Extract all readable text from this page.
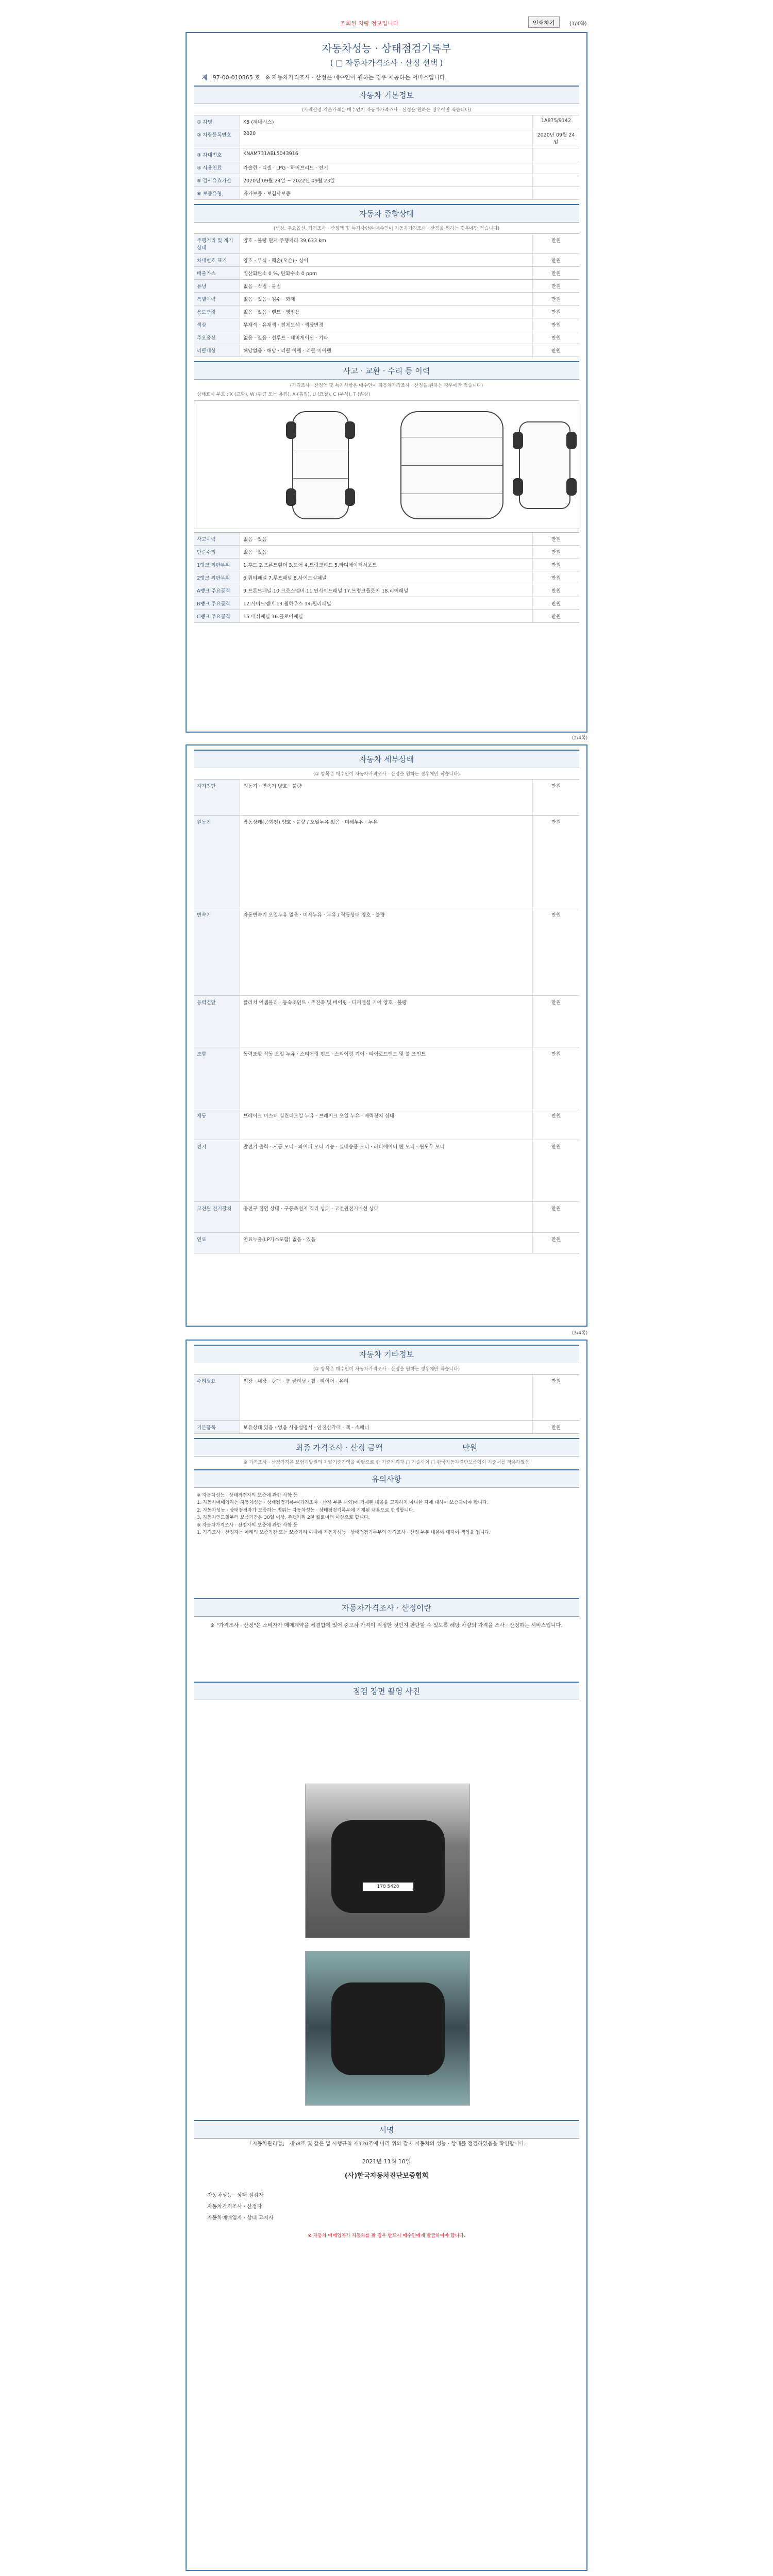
조회된 차량 정보입니다	인쇄하기	(1/4쪽)
자동차성능 · 상태점검기록부
( □ 자동차가격조사 · 산정 선택 )
제 97-00-010865 호 ※ 자동차가격조사 · 산정은 매수인이 원하는 경우 제공하는 서비스입니다.
자동차 기본정보
(가격산정 기준가격은 매수인이 자동차가격조사 · 산정을 원하는 경우에만 적습니다)
① 차명	K5 (제네시스)	1A875/9142
② 차량등록번호	2020	2020년 09월 24일
③ 차대번호	KNAM731ABL5043916
④ 사용연료	가솔린 · 디젤 · LPG · 하이브리드 · 전기
⑤ 검사유효기간	2020년 09월 24일 ~ 2022년 09월 23일
⑥ 보증유형	자가보증 · 보험사보증
자동차 종합상태
(색상, 주요옵션, 가격조사 · 산정액 및 특기사항은 매수인이 자동차가격조사 · 산정을 원하는 경우에만 적습니다)
주행거리 및 계기상태
양호 · 불량 현재 주행거리 39,633 km	만원
차대번호 표기	양호 · 부식 · 훼손(오손) · 상이	만원
배출가스	일산화탄소 0 %, 탄화수소 0 ppm	만원
튜닝	없음 · 적법 · 불법	만원
특별이력	없음 · 있음 · 침수 · 화재	만원
용도변경	없음 · 있음 · 렌트 · 영업용	만원
색상	무채색 · 유채색 · 전체도색 · 색상변경	만원
주요옵션	없음 · 있음 · 선루프 · 네비게이션 · 기타	만원
리콜대상	해당없음 · 해당 · 리콜 이행 · 리콜 미이행	만원
사고 · 교환 · 수리 등 이력
(가격조사 · 산정액 및 특기사항은 매수인이 자동차가격조사 · 산정을 원하는 경우에만 적습니다)
상태표시 부호 : X (교환), W (판금 또는 용접), A (흠집), U (요철), C (부식), T (손상)
사고이력	없음 · 있음	만원
단순수리	없음 · 있음	만원
1랭크 외판부위	1.후드 2.프론트휀더 3.도어 4.트렁크리드 5.라디에이터서포트	만원
2랭크 외판부위	6.쿼터패널 7.루프패널 8.사이드실패널	만원
A랭크 주요골격	9.프론트패널 10.크로스멤버 11.인사이드패널 17.트렁크플로어 18.리어패널	만원
B랭크 주요골격	12.사이드멤버 13.휠하우스 14.필러패널	만원
C랭크 주요골격	15.대쉬패널 16.플로어패널	만원
(2/4쪽)
자동차 세부상태
(① 항목은 매수인이 자동차가격조사 · 산정을 원하는 경우에만 적습니다)
자기진단	원동기 · 변속기 양호 · 불량	만원
원동기	작동상태(공회전) 양호 · 불량 / 오일누유 없음 · 미세누유 · 누유	만원
변속기	자동변속기 오일누유 없음 · 미세누유 · 누유 / 작동상태 양호 · 불량	만원
동력전달	클러치 어셈블리 · 등속조인트 · 추진축 및 베어링 · 디퍼렌셜 기어 양호 · 불량	만원
조향	동력조향 작동 오일 누유 · 스티어링 펌프 · 스티어링 기어 · 타이로드엔드 및 볼 조인트	만원
제동	브레이크 마스터 실린더오일 누유 · 브레이크 오일 누유 · 배력장치 상태	만원
전기	발전기 출력 · 시동 모터 · 와이퍼 모터 기능 · 실내송풍 모터 · 라디에이터 팬 모터 · 윈도우 모터	만원
고전원 전기장치	충전구 절연 상태 · 구동축전지 격리 상태 · 고전원전기배선 상태	만원
연료	연료누출(LP가스포함) 없음 · 있음	만원
(3/4쪽)
자동차 기타정보
(① 항목은 매수인이 자동차가격조사 · 산정을 원하는 경우에만 적습니다)
수리필요	외장 · 내장 · 광택 · 룸 클리닝 · 휠 · 타이어 · 유리	만원
기본품목	보유상태 있음 · 없음 사용설명서 · 안전삼각대 · 잭 · 스패너	만원
최종 가격조사 · 산정 금액	만원
※ 가격조사 · 산정가격은 보험개발원의 차량기준가액을 바탕으로 한 가준가격과 □ 기술사회 □ 한국자동차진단보증협회 기준서를 적용하였음
유의사항
※ 자동차성능 · 상태점검자의 보증에 관한 사항 등
1. 자동차매매업자는 자동차성능 · 상태점검기록부(가격조사 · 산정 부분 제외)에 기재된 내용을 고지하지 아니한 자에 대하여 보증하여야 합니다.
2. 자동차성능 · 상태점검자가 보증하는 범위는 자동차성능 · 상태점검기록부에 기재된 내용으로 한정합니다.
3. 자동차인도일부터 보증기간은 30일 이상, 주행거리 2천 킬로미터 이상으로 합니다.
※ 자동차가격조사 · 산정자의 보증에 관한 사항 등
1. 가격조사 · 산정자는 아래의 보증기간 또는 보증거리 이내에 자동차성능 · 상태점검기록부의 가격조사 · 산정 부분 내용에 대하여 책임을 집니다.
자동차가격조사 · 산정이란
※ "가격조사 · 산정"은 소비자가 매매계약을 체결함에 있어 중고차 가격이 적정한 것인지 판단할 수 있도록 해당 차량의 가격을 조사 · 산정하는 서비스입니다.
점검 장면 촬영 사진
178 5428
서명
「자동차관리법」 제58조 및 같은 법 시행규칙 제120조에 따라 위와 같이 자동차의 성능 · 상태를 점검하였음을 확인합니다.
2021년 11월 10일
(사)한국자동차진단보증협회
자동차성능 · 상태 점검자
자동차가격조사 · 산정자
자동차매매업자 · 상태 고지자
※ 자동차 매매업자가 자동차를 팔 경우 반드시 매수인에게 발급하여야 합니다.
